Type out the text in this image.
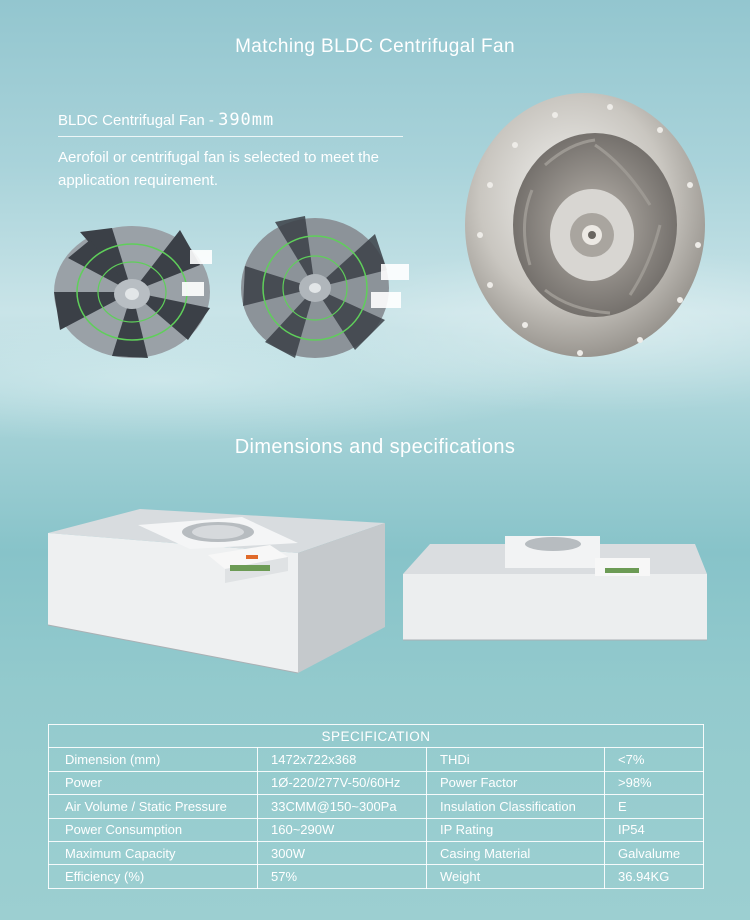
Matching BLDC Centrifugal Fan
BLDC Centrifugal Fan - 390mm
Aerofoil or centrifugal fan is selected to meet the application requirement.
Dimensions and specifications
SPECIFICATION			
Dimension (mm)	1472x722x368	THDi	<7%
Power	1Ø-220/277V-50/60Hz	Power Factor	>98%
Air Volume / Static Pressure	33CMM@150~300Pa	Insulation Classification	E
Power Consumption	160~290W	IP Rating	IP54
Maximum Capacity	300W	Casing Material	Galvalume
Efficiency (%)	57%	Weight	36.94KG
